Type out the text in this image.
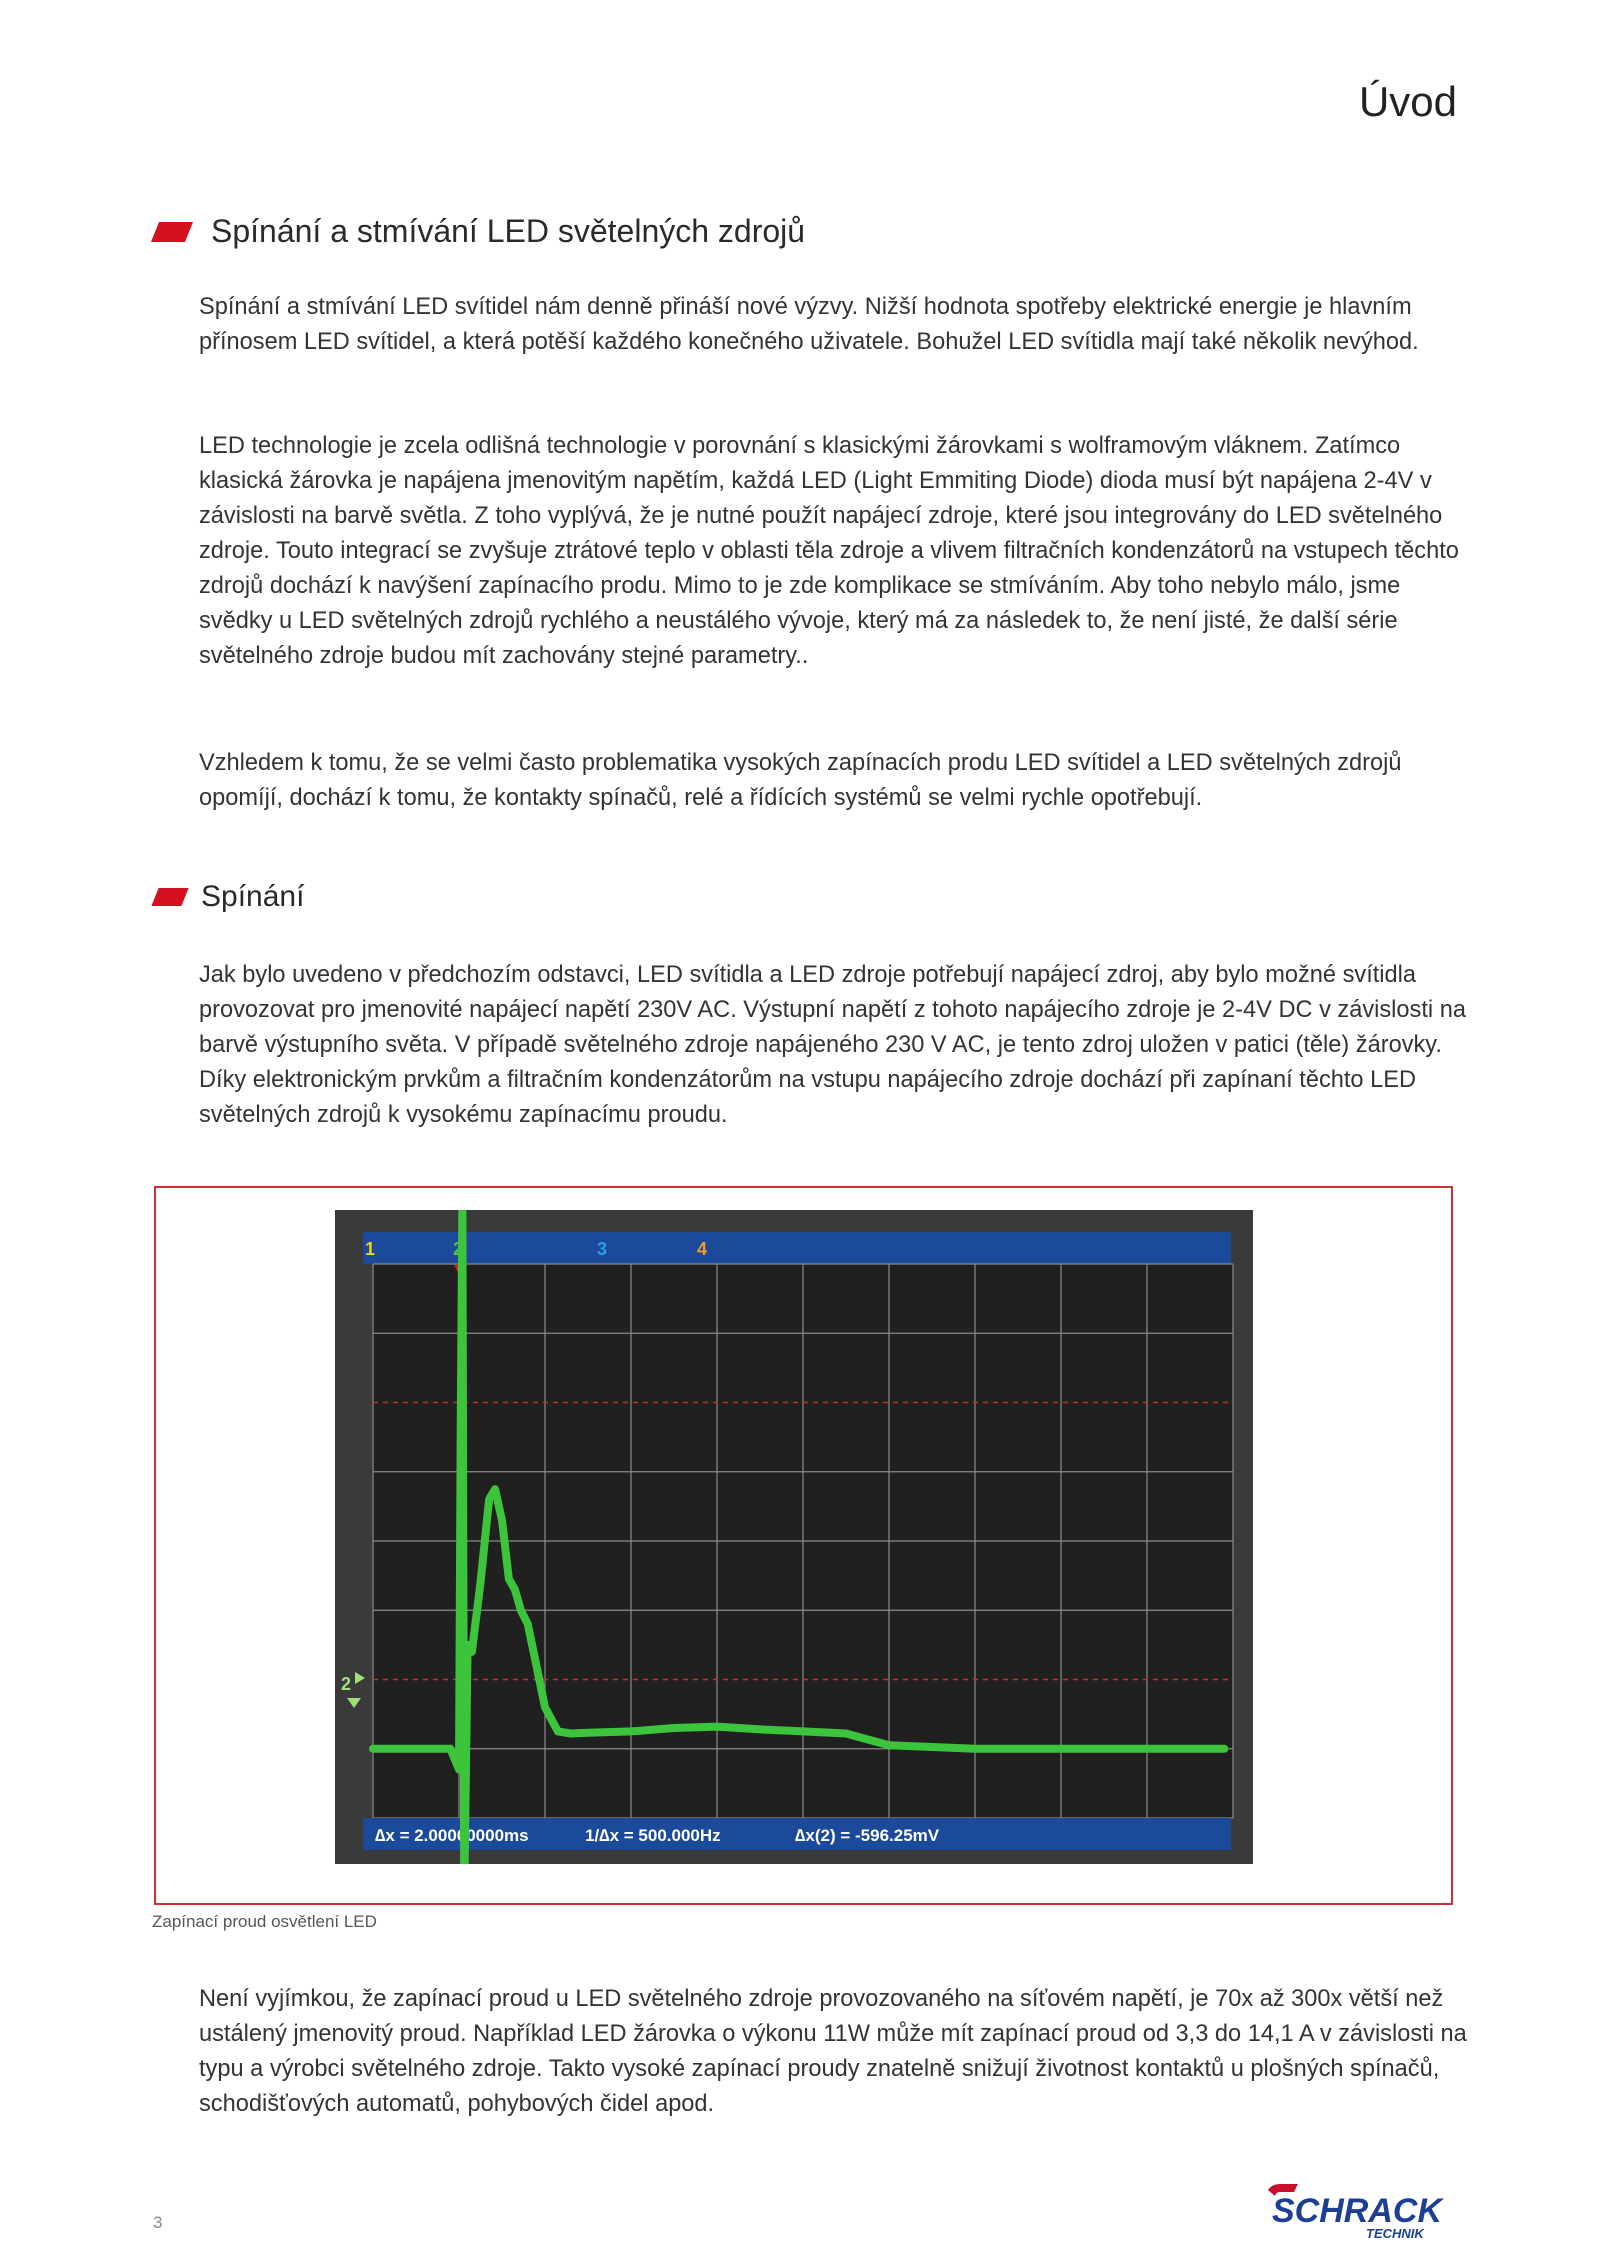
Úvod
Spínání a stmívání LED světelných zdrojů

Spínání a stmívání LED svítidel nám denně přináší nové výzvy. Nižší hodnota spotřeby elektrické energie je hlavním přínosem LED svítidel, a která potěší každého konečného uživatele. Bohužel LED svítidla mají také několik nevýhod.

LED technologie je zcela odlišná technologie v porovnání s klasickými žárovkami s wolframovým vláknem. Zatímco klasická žárovka je napájena jmenovitým napětím, každá LED (Light Emmiting Diode) dioda musí být napájena 2-4V v závislosti na barvě světla. Z toho vyplývá, že je nutné použít napájecí zdroje, které jsou integrovány do LED světelného zdroje. Touto integrací se zvyšuje ztrátové teplo v oblasti těla zdroje a vlivem filtračních kondenzátorů na vstupech těchto zdrojů dochází k navýšení zapínacího produ. Mimo to je zde komplikace se stmíváním. Aby toho nebylo málo, jsme svědky u LED světelných zdrojů rychlého a neustálého vývoje, který má za následek to, že není jisté, že další série světelného zdroje budou mít zachovány stejné parametry..

Vzhledem k tomu, že se velmi často problematika vysokých zapínacích produ LED svítidel a LED světelných zdrojů opomíjí, dochází k tomu, že kontakty spínačů, relé a řídících systémů se velmi rychle opotřebují.

Spínání

Jak bylo uvedeno v předchozím odstavci, LED svítidla a LED zdroje potřebují napájecí zdroj, aby bylo možné svítidla provozovat pro jmenovité napájecí napětí 230V AC. Výstupní napětí z tohoto napájecího zdroje je 2-4V DC v závislosti na barvě výstupního světa. V případě světelného zdroje napájeného 230 V AC, je tento zdroj uložen v patici (těle) žárovky. Díky elektronickým prvkům a filtračním kondenzátorům na vstupu napájecího zdroje dochází při zapínaní těchto LED světelných zdrojů k vysokému zapínacímu proudu.

1	2	3	4
∆x = 2.00000000ms	1/∆x = 500.000Hz	∆x(2) = -596.25mV
2

Zapínací proud osvětlení LED

Není vyjímkou, že zapínací proud u LED světelného zdroje provozovaného na síťovém napětí, je 70x až 300x větší než ustálený jmenovitý proud. Například LED žárovka o výkonu 11W může mít zapínací proud od 3,3 do 14,1 A v závislosti na typu a výrobci světelného zdroje. Takto vysoké zapínací proudy znatelně snižují životnost kontaktů u plošných spínačů, schodišťových automatů, pohybových čidel apod.

3	SCHRACK
TECHNIK
